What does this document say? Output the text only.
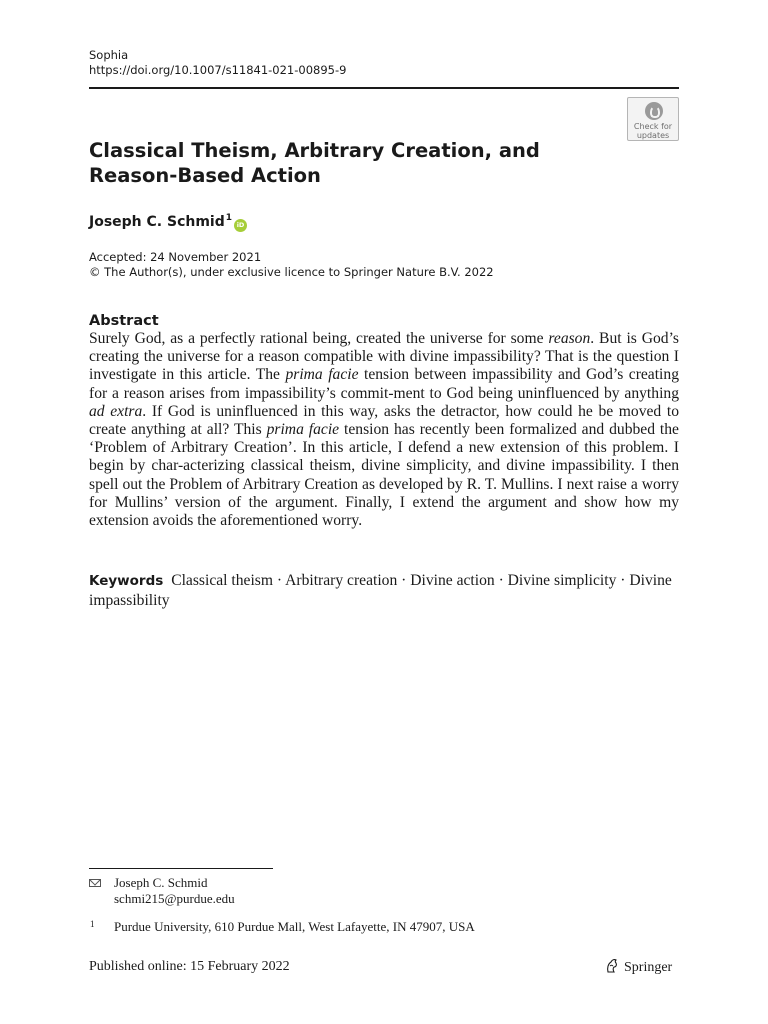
Sophia
https://doi.org/10.1007/s11841-021-00895-9
Check for
updates
Classical Theism, Arbitrary Creation, and Reason-Based Action
Joseph C. Schmid$^1$iD
Accepted: 24 November 2021
© The Author(s), under exclusive licence to Springer Nature B.V. 2022
Abstract
Surely God, as a perfectly rational being, created the universe for some reason. But is God’s creating the universe for a reason compatible with divine impassibility? That is the question I investigate in this article. The prima facie tension between impassibility and God’s creating for a reason arises from impassibility’s commit-ment to God being uninfluenced by anything ad extra. If God is uninfluenced in this way, asks the detractor, how could he be moved to create anything at all? This prima facie tension has recently been formalized and dubbed the ‘Problem of Arbitrary Creation’. In this article, I defend a new extension of this problem. I begin by char-acterizing classical theism, divine simplicity, and divine impassibility. I then spell out the Problem of Arbitrary Creation as developed by R. T. Mullins. I next raise a worry for Mullins’ version of the argument. Finally, I extend the argument and show how my extension avoids the aforementioned worry.
Keywords Classical theism · Arbitrary creation · Divine action · Divine simplicity · Divine impassibility
Joseph C. Schmid
schmi215@purdue.edu
1 Purdue University, 610 Purdue Mall, West Lafayette, IN 47907, USA
Published online: 15 February 2022	Springer
